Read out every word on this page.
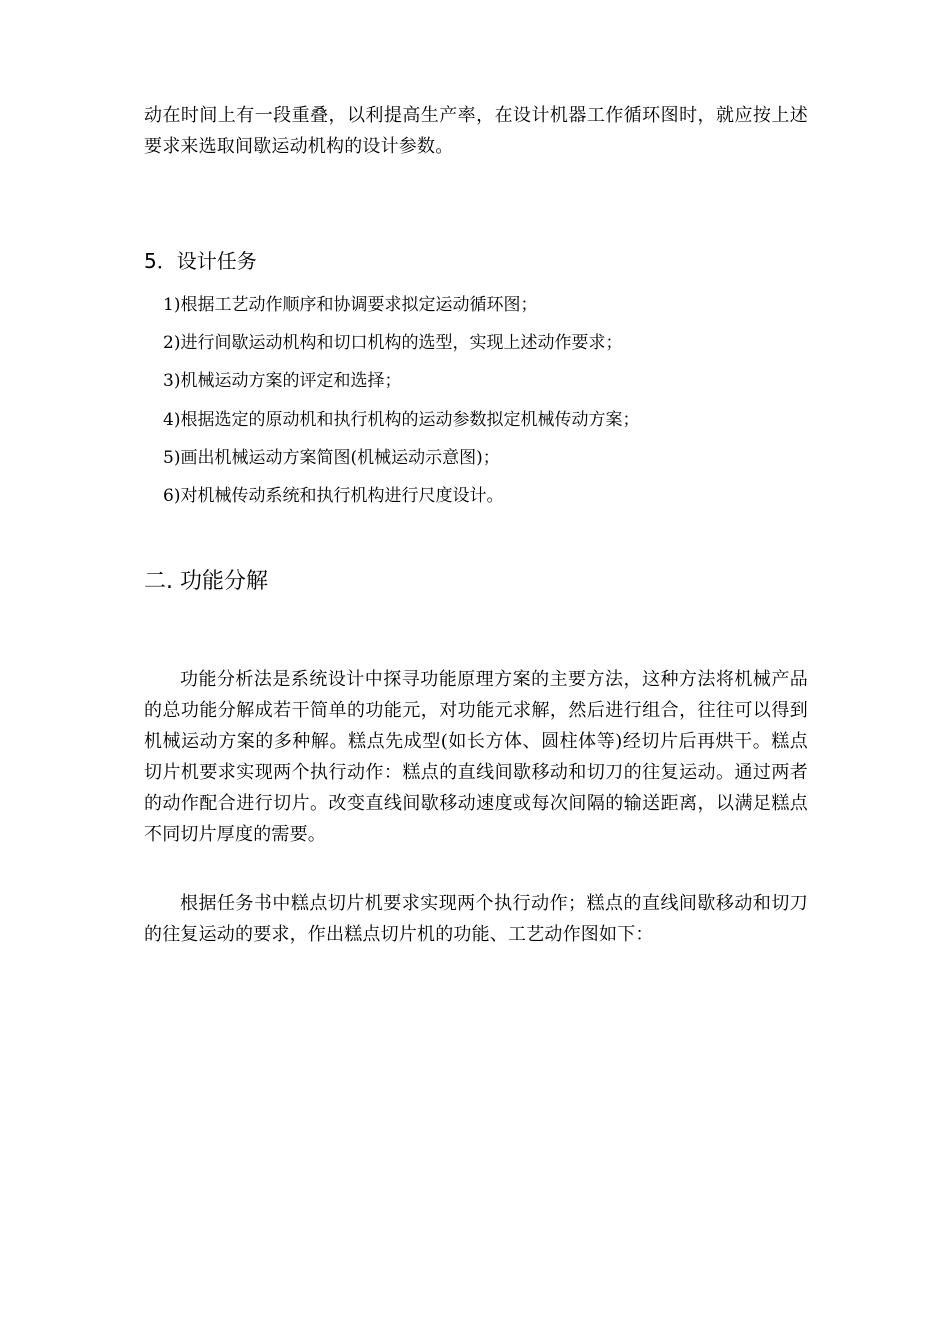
动在时间上有一段重叠，以利提高生产率，在设计机器工作循环图时，就应按上述要求来选取间歇运动机构的设计参数。

5．设计任务
1)根据工艺动作顺序和协调要求拟定运动循环图；
2)进行间歇运动机构和切口机构的选型，实现上述动作要求；
3)机械运动方案的评定和选择；
4)根据选定的原动机和执行机构的运动参数拟定机械传动方案；
5)画出机械运动方案简图(机械运动示意图)；
6)对机械传动系统和执行机构进行尺度设计。
二. 功能分解

功能分析法是系统设计中探寻功能原理方案的主要方法，这种方法将机械产品的总功能分解成若干简单的功能元，对功能元求解，然后进行组合，往往可以得到机械运动方案的多种解。糕点先成型(如长方体、圆柱体等)经切片后再烘干。糕点切片机要求实现两个执行动作：糕点的直线间歇移动和切刀的往复运动。通过两者的动作配合进行切片。改变直线间歇移动速度或每次间隔的输送距离，以满足糕点不同切片厚度的需要。

根据任务书中糕点切片机要求实现两个执行动作；糕点的直线间歇移动和切刀的往复运动的要求，作出糕点切片机的功能、工艺动作图如下：
